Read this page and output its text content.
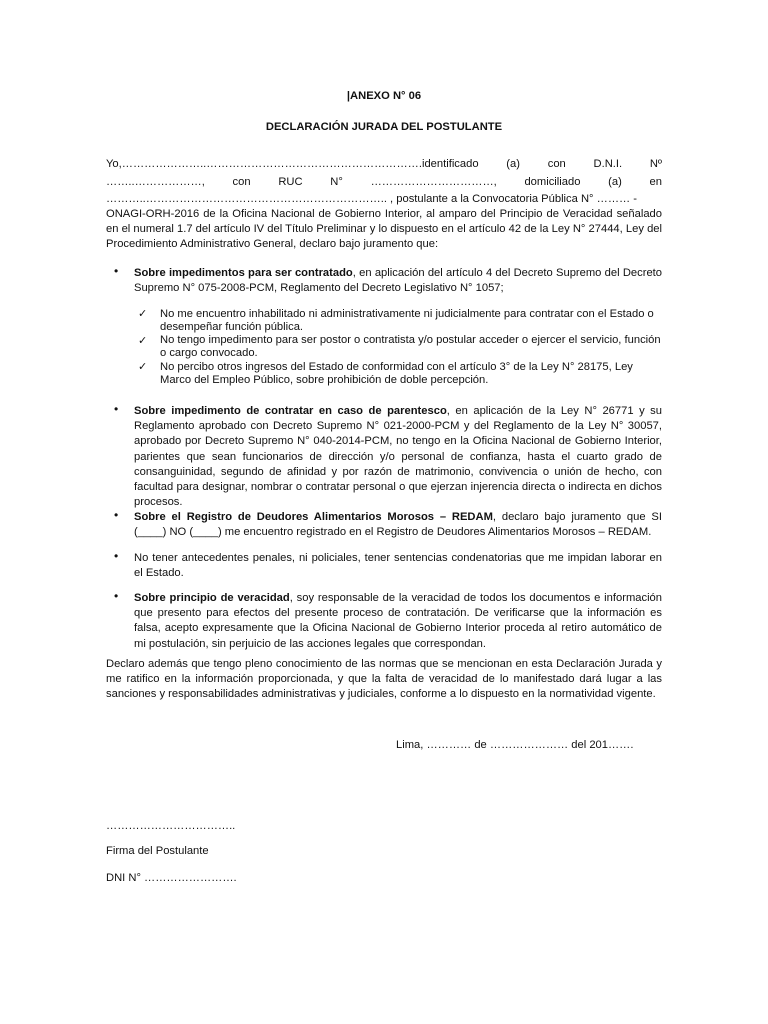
|ANEXO N° 06
DECLARACIÓN JURADA DEL POSTULANTE
Yo,…………………..………………………………………………….identificado (a) con D.N.I. Nº
……..………………, con RUC N° ……………………………, domiciliado (a) en
………..……………………………………………………….. , postulante a la Convocatoria Pública N° ……… -
ONAGI-ORH-2016 de la Oficina Nacional de Gobierno Interior, al amparo del Principio de Veracidad señalado en el numeral 1.7 del artículo IV del Título Preliminar y lo dispuesto en el artículo 42 de la Ley N° 27444, Ley del Procedimiento Administrativo General, declaro bajo juramento que:
• Sobre impedimentos para ser contratado, en aplicación del artículo 4 del Decreto Supremo del Decreto Supremo N° 075-2008-PCM, Reglamento del Decreto Legislativo N° 1057;
✓ No me encuentro inhabilitado ni administrativamente ni judicialmente para contratar con el Estado o desempeñar función pública.
✓ No tengo impedimento para ser postor o contratista y/o postular acceder o ejercer el servicio, función o cargo convocado.
✓ No percibo otros ingresos del Estado de conformidad con el artículo 3° de la Ley N° 28175, Ley Marco del Empleo Público, sobre prohibición de doble percepción.
• Sobre impedimento de contratar en caso de parentesco, en aplicación de la Ley N° 26771 y su Reglamento aprobado con Decreto Supremo N° 021-2000-PCM y del Reglamento de la Ley N° 30057, aprobado por Decreto Supremo N° 040-2014-PCM, no tengo en la Oficina Nacional de Gobierno Interior, parientes que sean funcionarios de dirección y/o personal de confianza, hasta el cuarto grado de consanguinidad, segundo de afinidad y por razón de matrimonio, convivencia o unión de hecho, con facultad para designar, nombrar o contratar personal o que ejerzan injerencia directa o indirecta en dichos procesos.
• Sobre el Registro de Deudores Alimentarios Morosos – REDAM, declaro bajo juramento que SI (____) NO (____) me encuentro registrado en el Registro de Deudores Alimentarios Morosos – REDAM.
• No tener antecedentes penales, ni policiales, tener sentencias condenatorias que me impidan laborar en el Estado.
• Sobre principio de veracidad, soy responsable de la veracidad de todos los documentos e información que presento para efectos del presente proceso de contratación. De verificarse que la información es falsa, acepto expresamente que la Oficina Nacional de Gobierno Interior proceda al retiro automático de mi postulación, sin perjuicio de las acciones legales que correspondan.
Declaro además que tengo pleno conocimiento de las normas que se mencionan en esta Declaración Jurada y me ratifico en la información proporcionada, y que la falta de veracidad de lo manifestado dará lugar a las sanciones y responsabilidades administrativas y judiciales, conforme a lo dispuesto en la normatividad vigente.
Lima, ………… de ………………… del 201…….
……………………………..
Firma del Postulante
DNI N° …………………….
